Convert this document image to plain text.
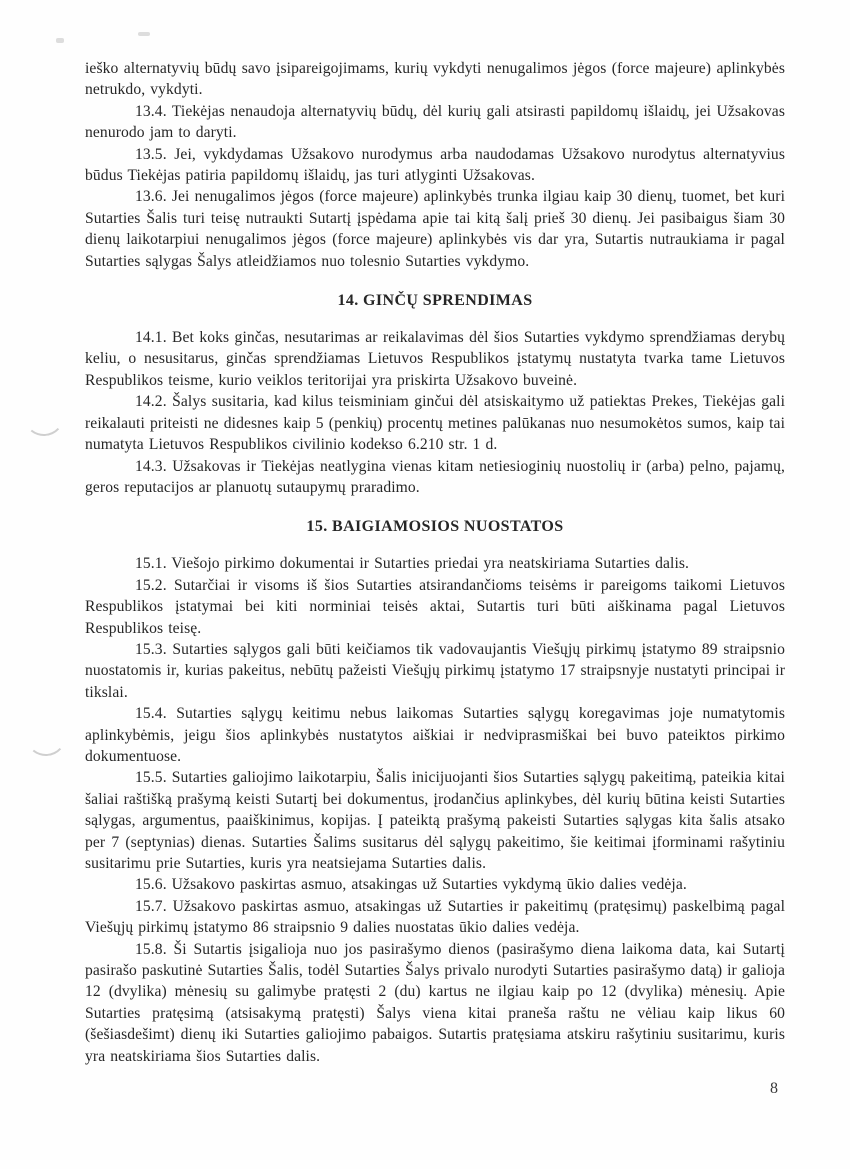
ieško alternatyvių būdų savo įsipareigojimams, kurių vykdyti nenugalimos jėgos (force majeure) aplinkybės netrukdo, vykdyti.

13.4. Tiekėjas nenaudoja alternatyvių būdų, dėl kurių gali atsirasti papildomų išlaidų, jei Užsakovas nenurodo jam to daryti.

13.5. Jei, vykdydamas Užsakovo nurodymus arba naudodamas Užsakovo nurodytus alternatyvius būdus Tiekėjas patiria papildomų išlaidų, jas turi atlyginti Užsakovas.

13.6. Jei nenugalimos jėgos (force majeure) aplinkybės trunka ilgiau kaip 30 dienų, tuomet, bet kuri Sutarties Šalis turi teisę nutraukti Sutartį įspėdama apie tai kitą šalį prieš 30 dienų. Jei pasibaigus šiam 30 dienų laikotarpiui nenugalimos jėgos (force majeure) aplinkybės vis dar yra, Sutartis nutraukiama ir pagal Sutarties sąlygas Šalys atleidžiamos nuo tolesnio Sutarties vykdymo.

14. GINČŲ SPRENDIMAS

14.1. Bet koks ginčas, nesutarimas ar reikalavimas dėl šios Sutarties vykdymo sprendžiamas derybų keliu, o nesusitarus, ginčas sprendžiamas Lietuvos Respublikos įstatymų nustatyta tvarka tame Lietuvos Respublikos teisme, kurio veiklos teritorijai yra priskirta Užsakovo buveinė.

14.2. Šalys susitaria, kad kilus teisminiam ginčui dėl atsiskaitymo už patiektas Prekes, Tiekėjas gali reikalauti priteisti ne didesnes kaip 5 (penkių) procentų metines palūkanas nuo nesumokėtos sumos, kaip tai numatyta Lietuvos Respublikos civilinio kodekso 6.210 str. 1 d.

14.3. Užsakovas ir Tiekėjas neatlygina vienas kitam netiesioginių nuostolių ir (arba) pelno, pajamų, geros reputacijos ar planuotų sutaupymų praradimo.

15. BAIGIAMOSIOS NUOSTATOS

15.1. Viešojo pirkimo dokumentai ir Sutarties priedai yra neatskiriama Sutarties dalis.

15.2. Sutarčiai ir visoms iš šios Sutarties atsirandančioms teisėms ir pareigoms taikomi Lietuvos Respublikos įstatymai bei kiti norminiai teisės aktai, Sutartis turi būti aiškinama pagal Lietuvos Respublikos teisę.

15.3. Sutarties sąlygos gali būti keičiamos tik vadovaujantis Viešųjų pirkimų įstatymo 89 straipsnio nuostatomis ir, kurias pakeitus, nebūtų pažeisti Viešųjų pirkimų įstatymo 17 straipsnyje nustatyti principai ir tikslai.

15.4. Sutarties sąlygų keitimu nebus laikomas Sutarties sąlygų koregavimas joje numatytomis aplinkybėmis, jeigu šios aplinkybės nustatytos aiškiai ir nedviprasmiškai bei buvo pateiktos pirkimo dokumentuose.

15.5. Sutarties galiojimo laikotarpiu, Šalis inicijuojanti šios Sutarties sąlygų pakeitimą, pateikia kitai šaliai raštišką prašymą keisti Sutartį bei dokumentus, įrodančius aplinkybes, dėl kurių būtina keisti Sutarties sąlygas, argumentus, paaiškinimus, kopijas. Į pateiktą prašymą pakeisti Sutarties sąlygas kita šalis atsako per 7 (septynias) dienas. Sutarties Šalims susitarus dėl sąlygų pakeitimo, šie keitimai įforminami rašytiniu susitarimu prie Sutarties, kuris yra neatsiejama Sutarties dalis.

15.6. Užsakovo paskirtas asmuo, atsakingas už Sutarties vykdymą ūkio dalies vedėja.

15.7. Užsakovo paskirtas asmuo, atsakingas už Sutarties ir pakeitimų (pratęsimų) paskelbimą pagal Viešųjų pirkimų įstatymo 86 straipsnio 9 dalies nuostatas ūkio dalies vedėja.

15.8. Ši Sutartis įsigalioja nuo jos pasirašymo dienos (pasirašymo diena laikoma data, kai Sutartį pasirašo paskutinė Sutarties Šalis, todėl Sutarties Šalys privalo nurodyti Sutarties pasirašymo datą) ir galioja 12 (dvylika) mėnesių su galimybe pratęsti 2 (du) kartus ne ilgiau kaip po 12 (dvylika) mėnesių. Apie Sutarties pratęsimą (atsisakymą pratęsti) Šalys viena kitai praneša raštu ne vėliau kaip likus 60 (šešiasdešimt) dienų iki Sutarties galiojimo pabaigos. Sutartis pratęsiama atskiru rašytiniu susitarimu, kuris yra neatskiriama šios Sutarties dalis.

8
